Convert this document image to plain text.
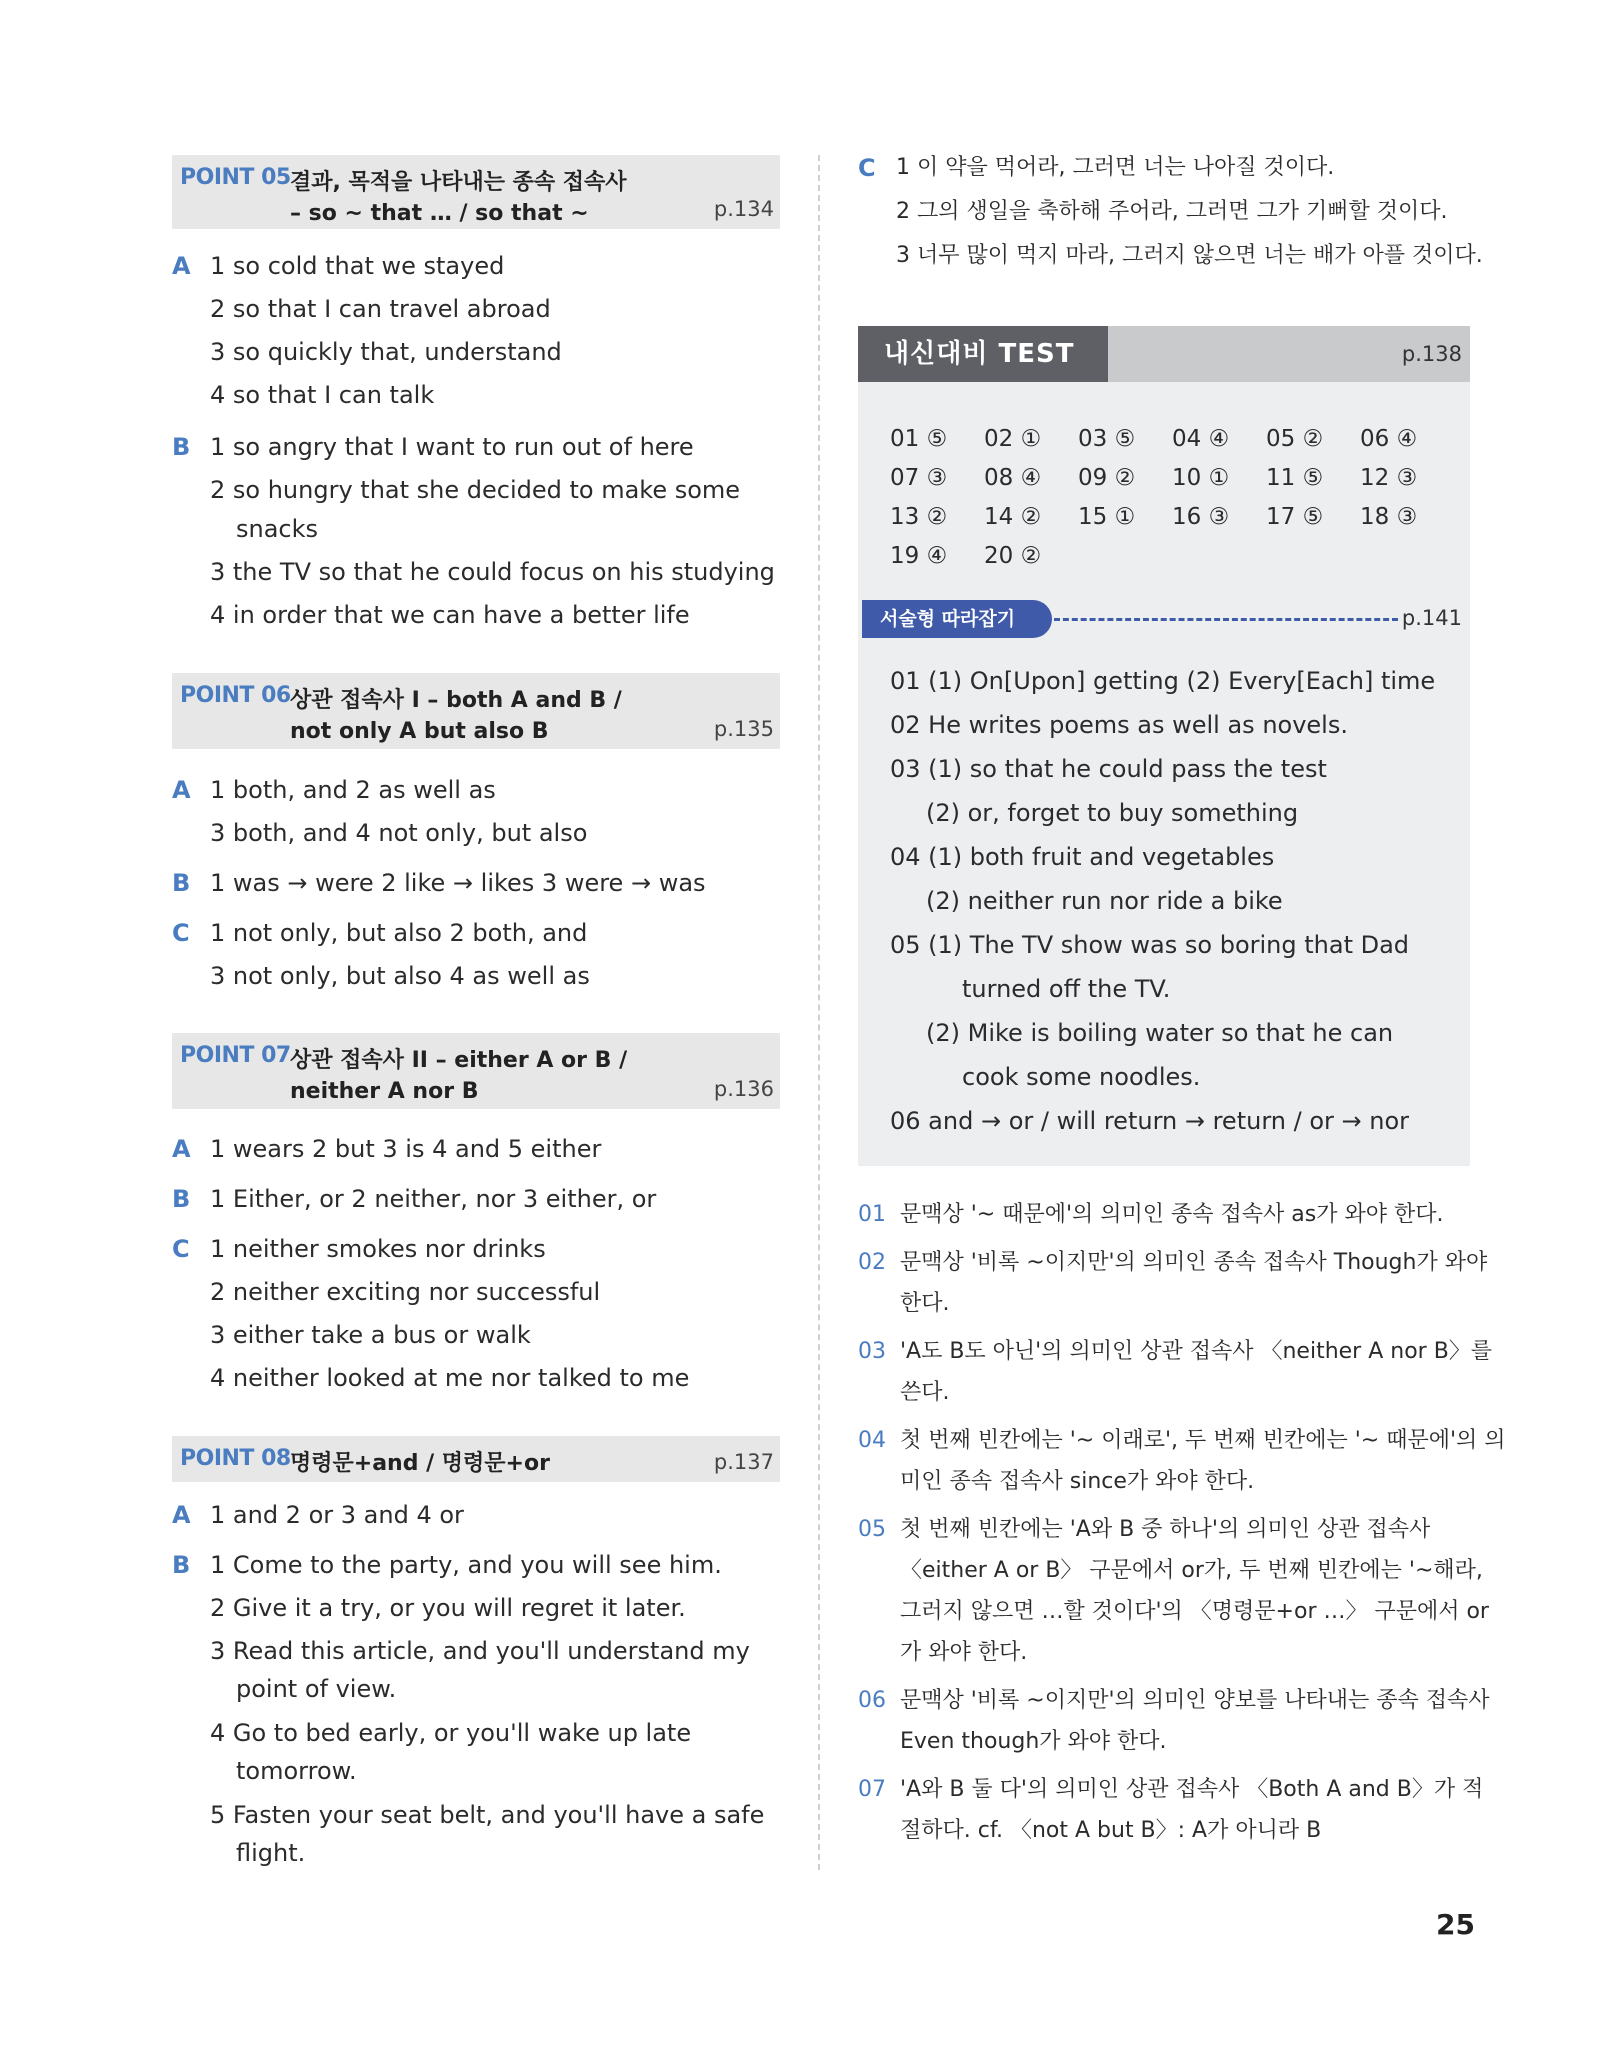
POINT 05 결과, 목적을 나타내는 종속 접속사
– so ~ that … / so that ~	p.134
A 1 so cold that we stayed
2 so that I can travel abroad
3 so quickly that, understand
4 so that I can talk
B 1 so angry that I want to run out of here
2 so hungry that she decided to make some
snacks
3 the TV so that he could focus on his studying
4 in order that we can have a better life
POINT 06 상관 접속사 I – both A and B /
not only A but also B	p.135
A 1 both, and 2 as well as
3 both, and 4 not only, but also
B 1 was → were 2 like → likes 3 were → was
C 1 not only, but also 2 both, and
3 not only, but also 4 as well as
POINT 07 상관 접속사 II – either A or B /
neither A nor B	p.136
A 1 wears 2 but 3 is 4 and 5 either
B 1 Either, or 2 neither, nor 3 either, or
C 1 neither smokes nor drinks
2 neither exciting nor successful
3 either take a bus or walk
4 neither looked at me nor talked to me
POINT 08 명령문+and / 명령문+or	p.137
A 1 and 2 or 3 and 4 or
B 1 Come to the party, and you will see him.
2 Give it a try, or you will regret it later.
3 Read this article, and you'll understand my
point of view.
4 Go to bed early, or you'll wake up late
tomorrow.
5 Fasten your seat belt, and you'll have a safe
flight.
C 1 이 약을 먹어라, 그러면 너는 나아질 것이다.
2 그의 생일을 축하해 주어라, 그러면 그가 기뻐할 것이다.
3 너무 많이 먹지 마라, 그러지 않으면 너는 배가 아플 것이다.
내신대비 TEST	p.138
01 ⑤ 02 ① 03 ⑤ 04 ④ 05 ② 06 ④
07 ③ 08 ④ 09 ② 10 ① 11 ⑤ 12 ③
13 ② 14 ② 15 ① 16 ③ 17 ⑤ 18 ③
19 ④ 20 ②
서술형 따라잡기	p.141
01 (1) On[Upon] getting (2) Every[Each] time
02 He writes poems as well as novels.
03 (1) so that he could pass the test
(2) or, forget to buy something
04 (1) both fruit and vegetables
(2) neither run nor ride a bike
05 (1) The TV show was so boring that Dad
turned off the TV.
(2) Mike is boiling water so that he can
cook some noodles.
06 and → or / will return → return / or → nor
01 문맥상 '~ 때문에'의 의미인 종속 접속사 as가 와야 한다.
02 문맥상 '비록 ~이지만'의 의미인 종속 접속사 Though가 와야
한다.
03 'A도 B도 아닌'의 의미인 상관 접속사 〈neither A nor B〉를
쓴다.
04 첫 번째 빈칸에는 '~ 이래로', 두 번째 빈칸에는 '~ 때문에'의 의
미인 종속 접속사 since가 와야 한다.
05 첫 번째 빈칸에는 'A와 B 중 하나'의 의미인 상관 접속사
〈either A or B〉 구문에서 or가, 두 번째 빈칸에는 '~해라,
그러지 않으면 …할 것이다'의 〈명령문+or …〉 구문에서 or
가 와야 한다.
06 문맥상 '비록 ~이지만'의 의미인 양보를 나타내는 종속 접속사
Even though가 와야 한다.
07 'A와 B 둘 다'의 의미인 상관 접속사 〈Both A and B〉가 적
절하다. cf. 〈not A but B〉: A가 아니라 B
25
